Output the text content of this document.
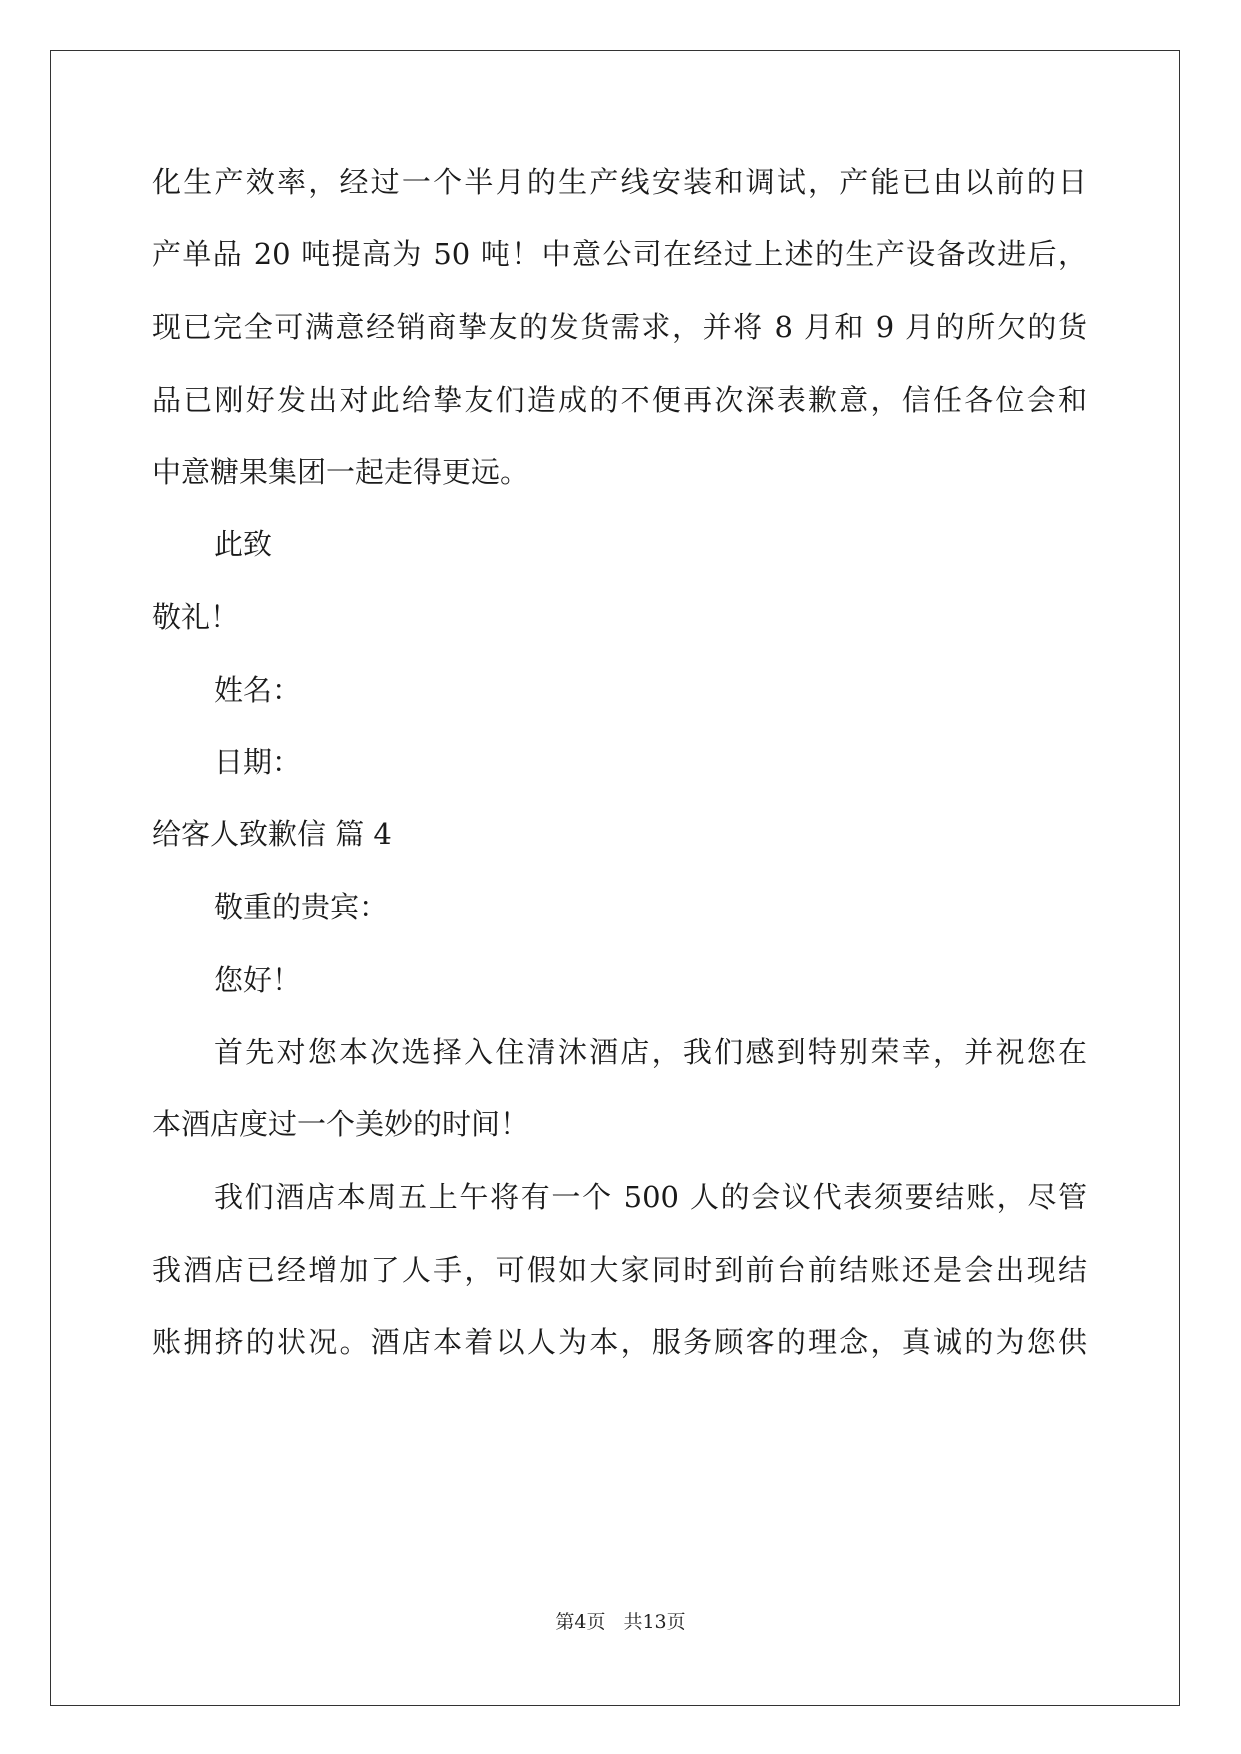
化生产效率，经过一个半月的生产线安装和调试，产能已由以前的日
产单品 20 吨提高为 50 吨！中意公司在经过上述的生产设备改进后，
现已完全可满意经销商挚友的发货需求，并将 8 月和 9 月的所欠的货
品已刚好发出对此给挚友们造成的不便再次深表歉意，信任各位会和
中意糖果集团一起走得更远。
此致
敬礼！
姓名：
日期：
给客人致歉信 篇 4
敬重的贵宾：
您好！
首先对您本次选择入住清沐酒店，我们感到特别荣幸，并祝您在
本酒店度过一个美妙的时间！
我们酒店本周五上午将有一个 500 人的会议代表须要结账，尽管
我酒店已经增加了人手，可假如大家同时到前台前结账还是会出现结
账拥挤的状况。酒店本着以人为本，服务顾客的理念，真诚的为您供
第4页 共13页
